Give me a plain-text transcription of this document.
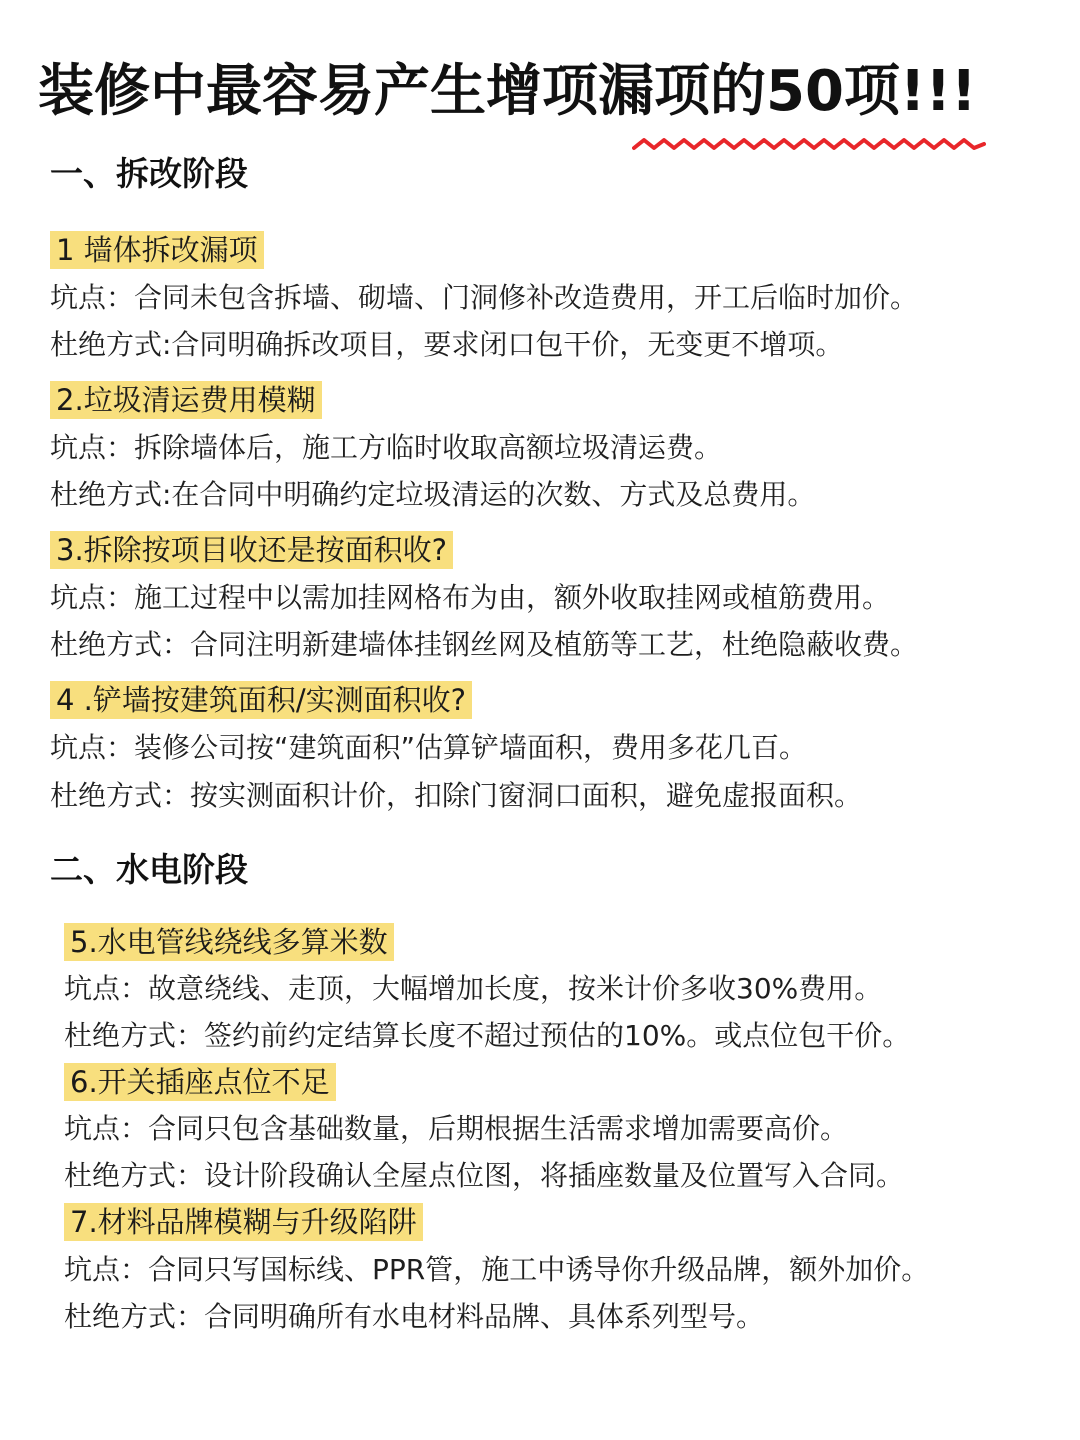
装修中最容易产生增项漏项的50项!!!
一、拆改阶段
1 墙体拆改漏项
坑点：合同未包含拆墙、砌墙、门洞修补改造费用，开工后临时加价。
杜绝方式:合同明确拆改项目，要求闭口包干价，无变更不增项。
2.垃圾清运费用模糊
坑点：拆除墙体后，施工方临时收取高额垃圾清运费。
杜绝方式:在合同中明确约定垃圾清运的次数、方式及总费用。
3.拆除按项目收还是按面积收?
坑点：施工过程中以需加挂网格布为由，额外收取挂网或植筋费用。
杜绝方式：合同注明新建墙体挂钢丝网及植筋等工艺，杜绝隐蔽收费。
4 .铲墙按建筑面积/实测面积收?
坑点：装修公司按“建筑面积”估算铲墙面积，费用多花几百。
杜绝方式：按实测面积计价，扣除门窗洞口面积，避免虚报面积。
二、水电阶段
5.水电管线绕线多算米数
坑点：故意绕线、走顶，大幅增加长度，按米计价多收30%费用。
杜绝方式：签约前约定结算长度不超过预估的10%。或点位包干价。
6.开关插座点位不足
坑点：合同只包含基础数量，后期根据生活需求增加需要高价。
杜绝方式：设计阶段确认全屋点位图，将插座数量及位置写入合同。
7.材料品牌模糊与升级陷阱
坑点：合同只写国标线、PPR管，施工中诱导你升级品牌，额外加价。
杜绝方式：合同明确所有水电材料品牌、具体系列型号。
